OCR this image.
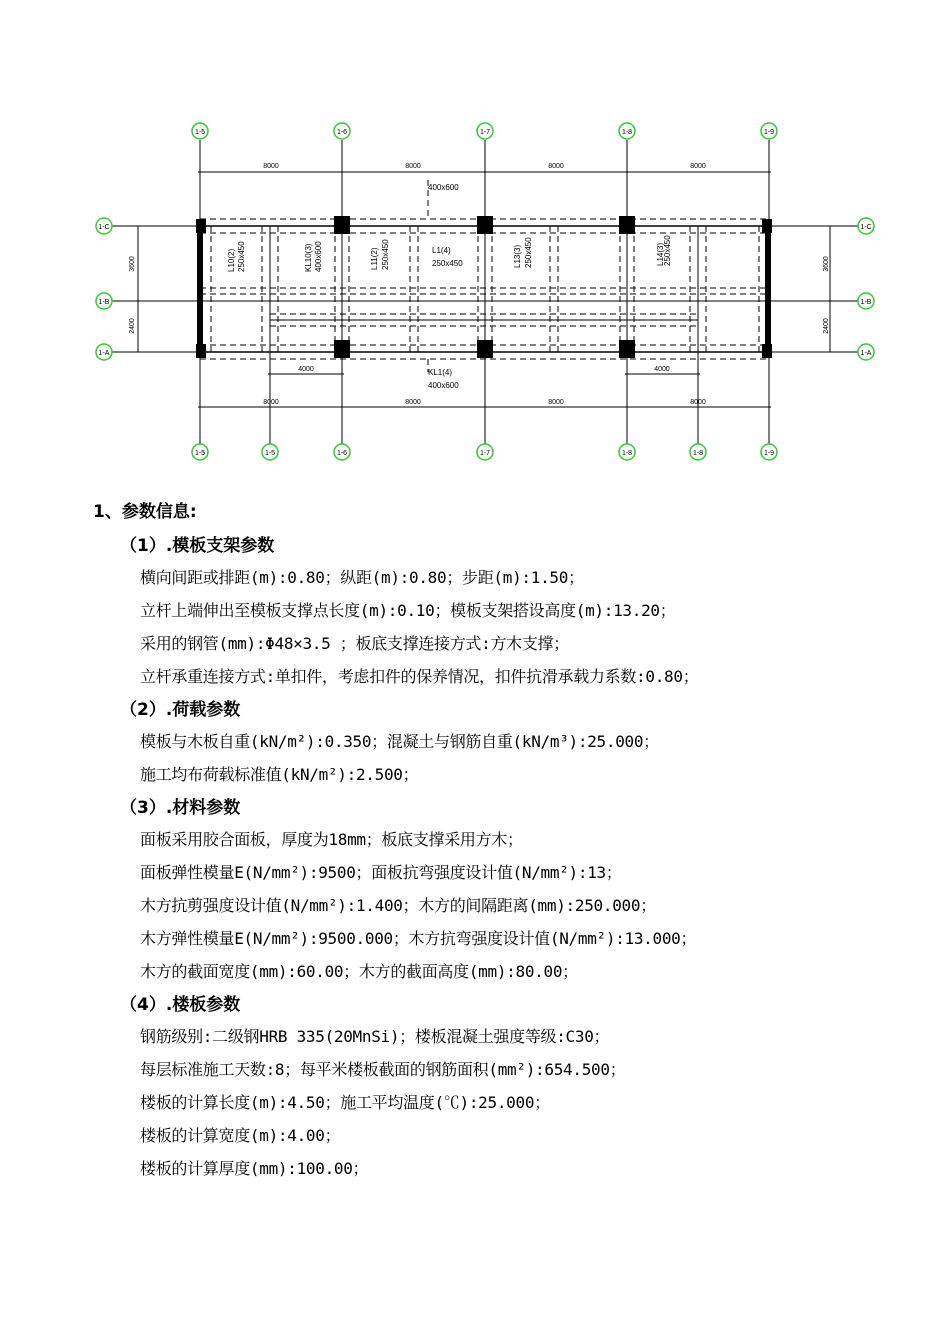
1-5	1-6	1-7	1-8	1-9
1-5	1-5	1-6	1-7	1-8	1-8	1-9
1-C
1-B
1-A
1-C
1-B
1-A
8000	8000	8000	8000
8000	8000	8000	8000
4000	4000
3600
2400
3600
2400
400x600
KL1(4)
400x600
L10(2) 250x450	KL10(3) 400x600	L11(2) 250x450	L1(4)
250x450	L13(3) 250x450	L14(3)
250x450
1、参数信息:
（1）.模板支架参数
横向间距或排距(m):0.80；纵距(m):0.80；步距(m):1.50；
立杆上端伸出至模板支撑点长度(m):0.10；模板支架搭设高度(m):13.20；
采用的钢管(mm):Φ48×3.5 ；板底支撑连接方式:方木支撑；
立杆承重连接方式:单扣件，考虑扣件的保养情况，扣件抗滑承载力系数:0.80；
（2）.荷载参数
模板与木板自重(kN/m²):0.350；混凝土与钢筋自重(kN/m³):25.000；
施工均布荷载标准值(kN/m²):2.500；
（3）.材料参数
面板采用胶合面板，厚度为18mm；板底支撑采用方木；
面板弹性模量E(N/mm²):9500；面板抗弯强度设计值(N/mm²):13；
木方抗剪强度设计值(N/mm²):1.400；木方的间隔距离(mm):250.000；
木方弹性模量E(N/mm²):9500.000；木方抗弯强度设计值(N/mm²):13.000；
木方的截面宽度(mm):60.00；木方的截面高度(mm):80.00；
（4）.楼板参数
钢筋级别:二级钢HRB 335(20MnSi)；楼板混凝土强度等级:C30；
每层标准施工天数:8；每平米楼板截面的钢筋面积(mm²):654.500；
楼板的计算长度(m):4.50；施工平均温度(℃):25.000；
楼板的计算宽度(m):4.00；
楼板的计算厚度(mm):100.00；
